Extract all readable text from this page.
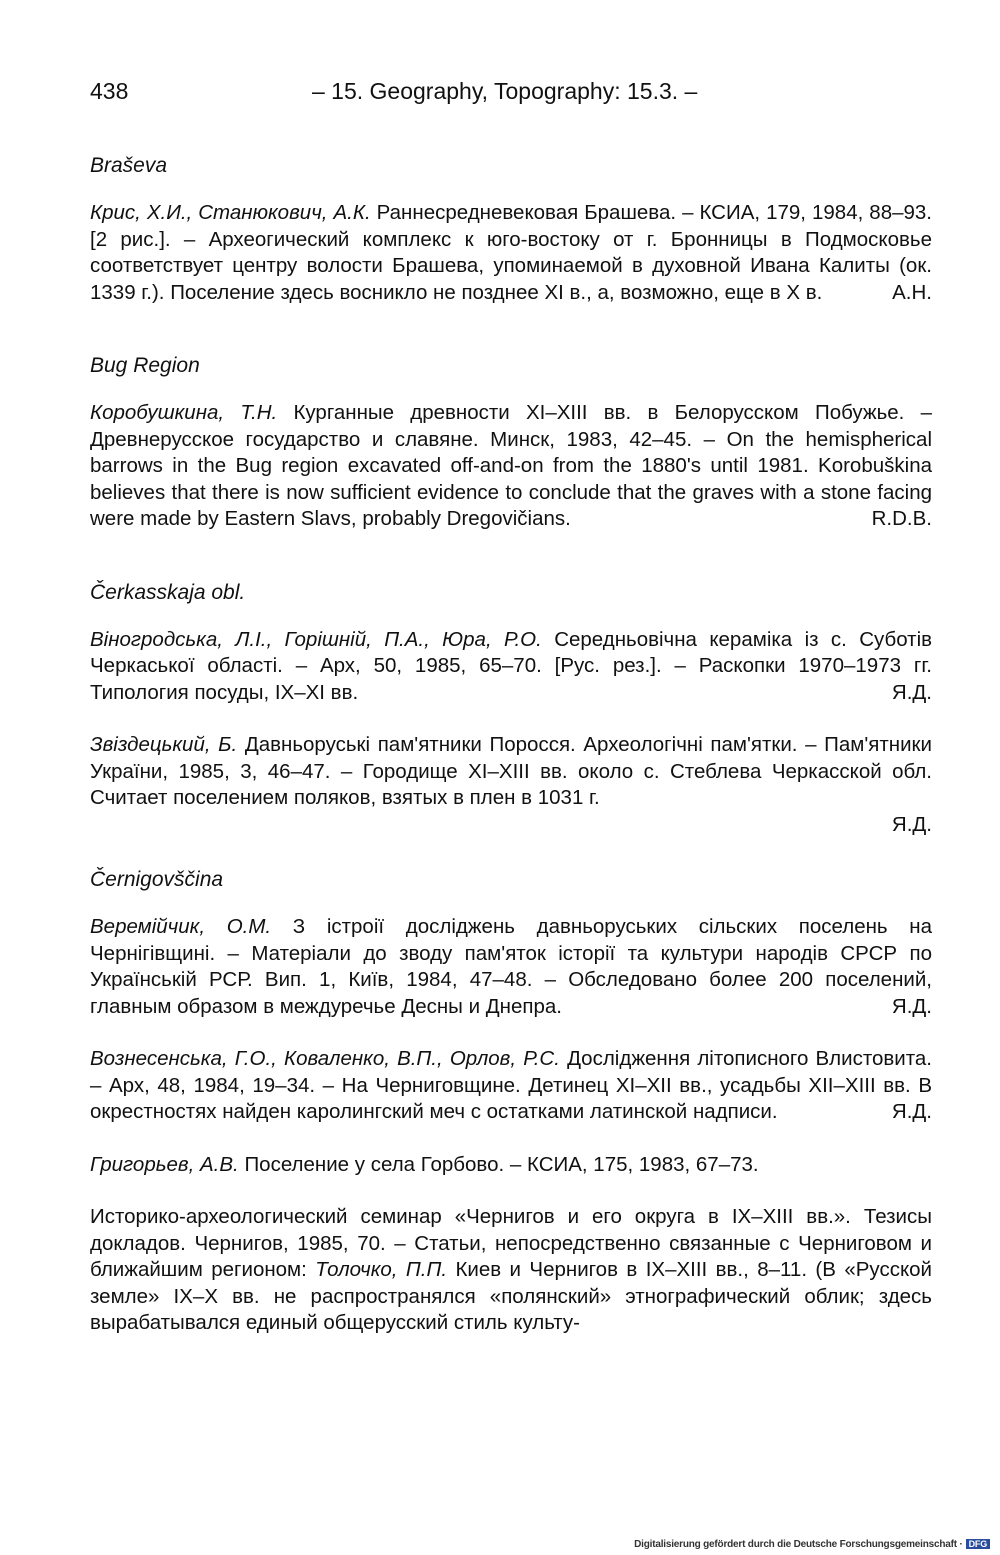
438	– 15. Geography, Topography: 15.3. –
Braševa
Крис, Х.И., Станюкович, А.К. Раннесредневековая Брашева. – КСИА, 179, 1984, 88–93. [2 рис.]. – Археогический комплекс к юго-востоку от г. Бронницы в Подмосковье соответствует центру волости Брашева, упоминаемой в духовной Ивана Калиты (ок. 1339 г.). Поселение здесь воcникло не позднее XI в., а, возможно, еще в Х в.	А.Н.
Bug Region
Коробушкина, Т.Н. Курганные древности XI–XIII вв. в Белорусском Побужье. – Древнерусское государство и славяне. Минск, 1983, 42–45. – On the hemispherical barrows in the Bug region excavated off-and-on from the 1880's until 1981. Korobuškina believes that there is now sufficient evidence to conclude that the graves with a stone facing were made by Eastern Slavs, probably Dregovičians.	R.D.B.
Čerkasskaja obl.
Віногродська, Л.І., Горішній, П.А., Юра, Р.О. Середньовічна кераміка із с. Суботів Черкаської області. – Арх, 50, 1985, 65–70. [Рус. рез.]. – Раскопки 1970–1973 гг. Типология посуды, IX–XI вв.	Я.Д.
Звіздецький, Б. Давньоруські пам'ятники Поросся. Археологічні пам'ятки. – Пам'ятники України, 1985, 3, 46–47. – Городище XI–XIII вв. около с. Стеблева Черкасской обл. Считает поселением поляков, взятых в плен в 1031 г.
Я.Д.
Černigovščina
Веремійчик, О.М. З істроії досліджень давньоруських сільских поселень на Чернігівщині. – Матеріали до зводу пам'яток історії та культури народів СРСР по Українській РСР. Вип. 1, Київ, 1984, 47–48. – Обследовано более 200 поселений, главным образом в междуречье Десны и Днепра.	Я.Д.
Вознесенська, Г.О., Коваленко, В.П., Орлов, Р.С. Дослідження літописного Влистовита. – Арх, 48, 1984, 19–34. – На Черниговщине. Детинец XI–XII вв., усадьбы XII–XIII вв. В окрестностях найден каролингский меч с остатками латинской надписи.	Я.Д.
Григорьев, А.В. Поселение у села Горбово. – КСИА, 175, 1983, 67–73.
Историко-археологический семинар «Чернигов и его округа в IX–XIII вв.». Тезисы докладов. Чернигов, 1985, 70. – Статьи, непосредственно связанные с Черниговом и ближайшим регионом: Толочко, П.П. Киев и Чернигов в IX–XIII вв., 8–11. (В «Русской земле» IX–X вв. не распространялся «полянский» этнографический облик; здесь вырабатывался единый общерусский стиль культу-
Digitalisierung gefördert durch die Deutsche Forschungsgemeinschaft · DFG
